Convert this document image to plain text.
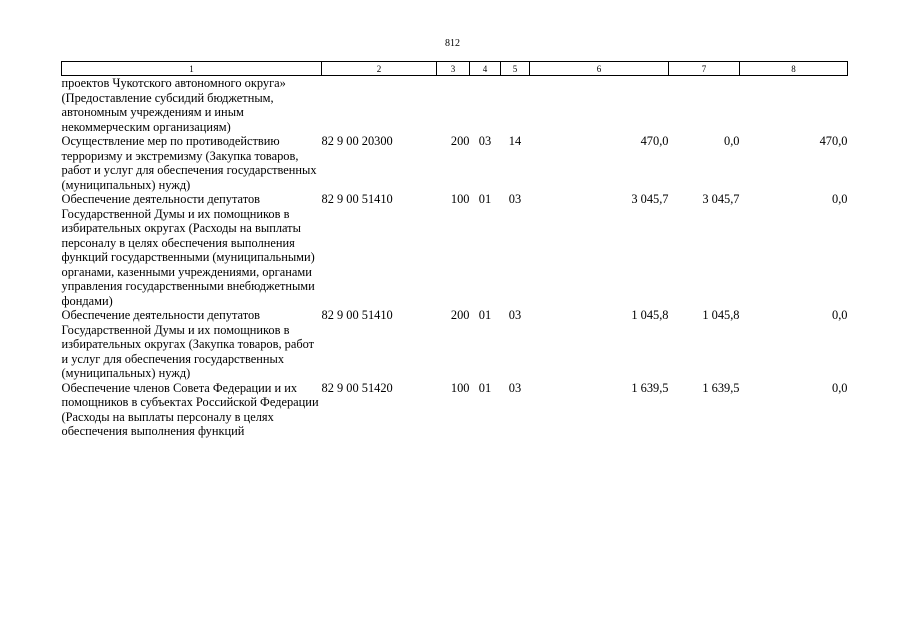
812
1	2	3	4	5	6	7	8
проектов Чукотского автономного округа» (Предоставление субсидий бюджетным, автономным учреждениям и иным некоммерческим организациям)							
Осуществление мер по противодействию терроризму и экстремизму (Закупка товаров, работ и услуг для обеспечения государственных (муниципальных) нужд)	82 9 00 20300	200	03	14	470,0	0,0	470,0
Обеспечение деятельности депутатов Государственной Думы и их помощников в избирательных округах (Расходы на выплаты персоналу в целях обеспечения выполнения функций государственными (муниципальными) органами, казенными учреждениями, органами управления государственными внебюджетными фондами)	82 9 00 51410	100	01	03	3 045,7	3 045,7	0,0
Обеспечение деятельности депутатов Государственной Думы и их помощников в избирательных округах (Закупка товаров, работ и услуг для обеспечения государственных (муниципальных) нужд)	82 9 00 51410	200	01	03	1 045,8	1 045,8	0,0
Обеспечение членов Совета Федерации и их помощников в субъектах Российской Федерации (Расходы на выплаты персоналу в целях обеспечения выполнения функций	82 9 00 51420	100	01	03	1 639,5	1 639,5	0,0
